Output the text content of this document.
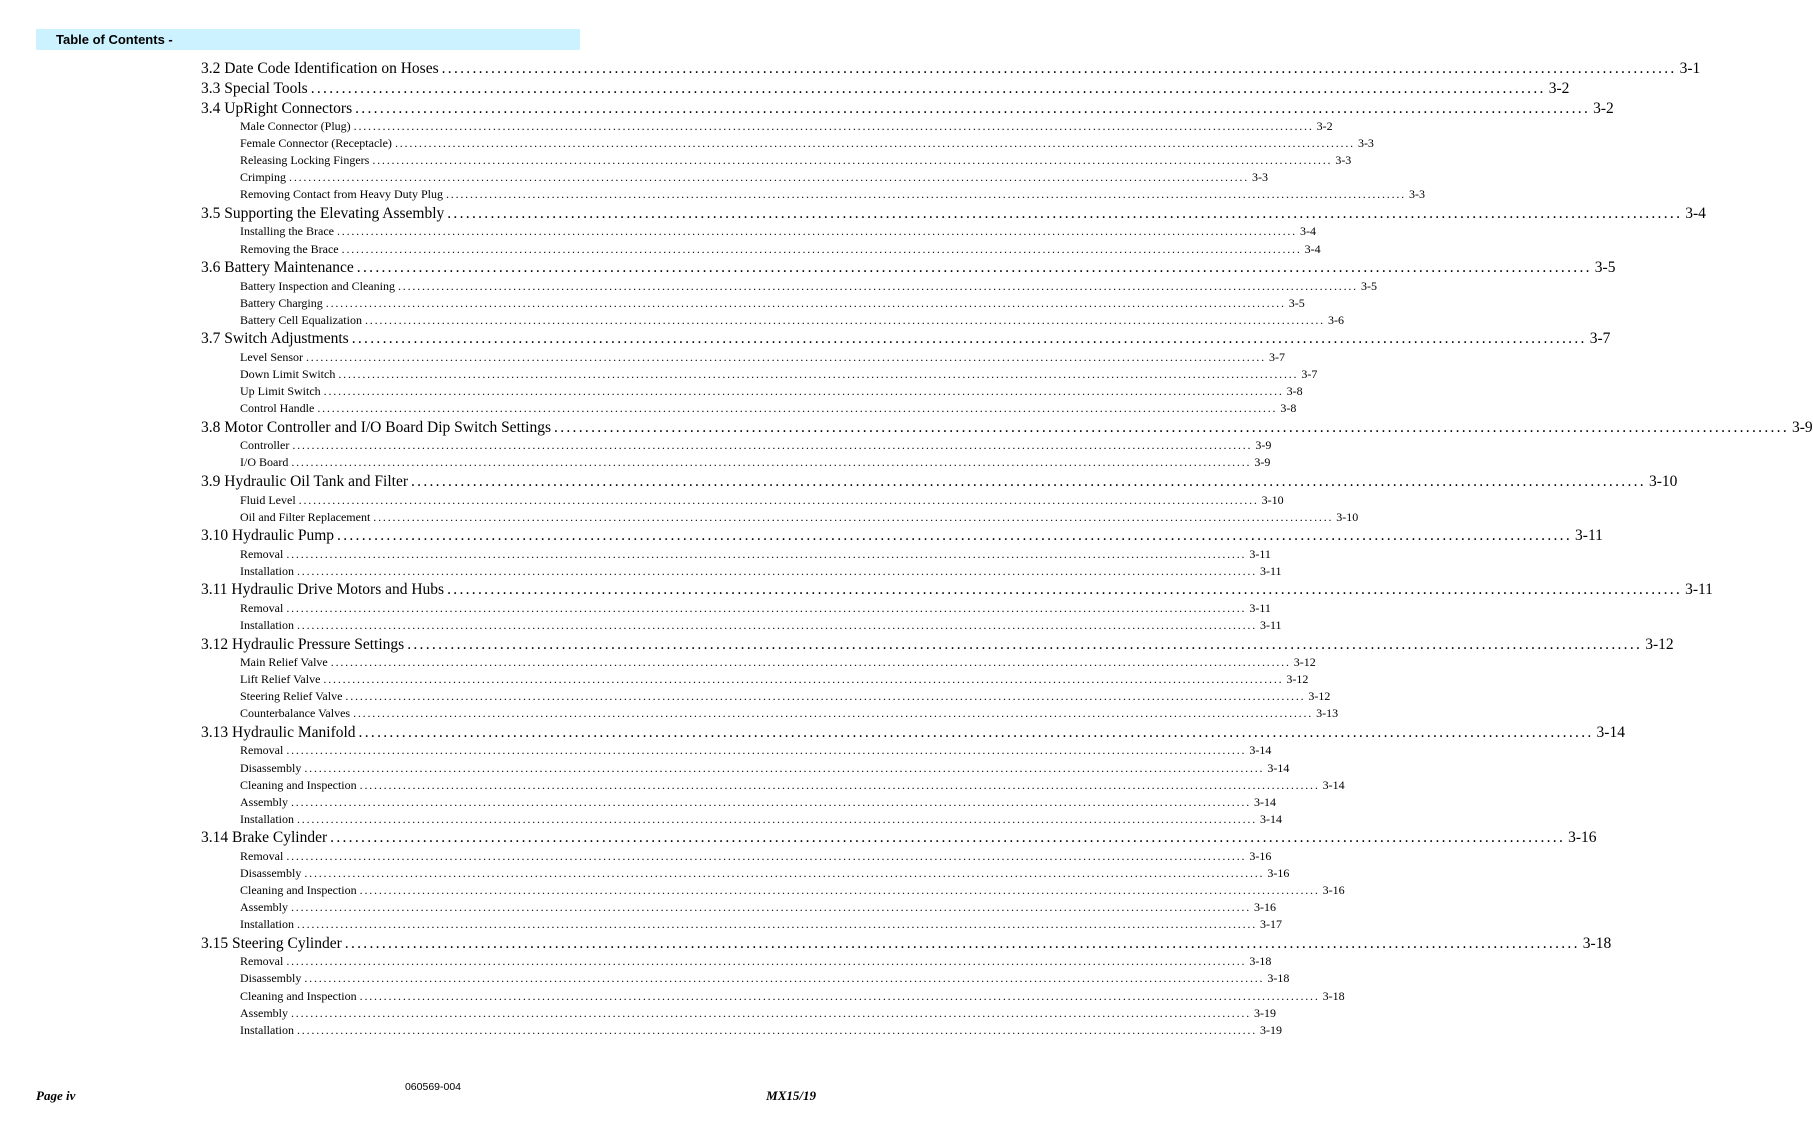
Table of Contents -
3.2 Date Code Identification on Hoses ........................................................................................................................................................................................................ 3-1
3.3 Special Tools ........................................................................................................................................................................................................ 3-2
3.4 UpRight Connectors ........................................................................................................................................................................................................ 3-2
Male Connector (Plug) ........................................................................................................................................................................................................ 3-2
Female Connector (Receptacle) ........................................................................................................................................................................................................ 3-3
Releasing Locking Fingers ........................................................................................................................................................................................................ 3-3
Crimping ........................................................................................................................................................................................................ 3-3
Removing Contact from Heavy Duty Plug ........................................................................................................................................................................................................ 3-3
3.5 Supporting the Elevating Assembly ........................................................................................................................................................................................................ 3-4
Installing the Brace ........................................................................................................................................................................................................ 3-4
Removing the Brace ........................................................................................................................................................................................................ 3-4
3.6 Battery Maintenance ........................................................................................................................................................................................................ 3-5
Battery Inspection and Cleaning ........................................................................................................................................................................................................ 3-5
Battery Charging ........................................................................................................................................................................................................ 3-5
Battery Cell Equalization ........................................................................................................................................................................................................ 3-6
3.7 Switch Adjustments ........................................................................................................................................................................................................ 3-7
Level Sensor ........................................................................................................................................................................................................ 3-7
Down Limit Switch ........................................................................................................................................................................................................ 3-7
Up Limit Switch ........................................................................................................................................................................................................ 3-8
Control Handle ........................................................................................................................................................................................................ 3-8
3.8 Motor Controller and I/O Board Dip Switch Settings ........................................................................................................................................................................................................ 3-9
Controller ........................................................................................................................................................................................................ 3-9
I/O Board ........................................................................................................................................................................................................ 3-9
3.9 Hydraulic Oil Tank and Filter ........................................................................................................................................................................................................ 3-10
Fluid Level ........................................................................................................................................................................................................ 3-10
Oil and Filter Replacement ........................................................................................................................................................................................................ 3-10
3.10 Hydraulic Pump ........................................................................................................................................................................................................ 3-11
Removal ........................................................................................................................................................................................................ 3-11
Installation ........................................................................................................................................................................................................ 3-11
3.11 Hydraulic Drive Motors and Hubs ........................................................................................................................................................................................................ 3-11
Removal ........................................................................................................................................................................................................ 3-11
Installation ........................................................................................................................................................................................................ 3-11
3.12 Hydraulic Pressure Settings ........................................................................................................................................................................................................ 3-12
Main Relief Valve ........................................................................................................................................................................................................ 3-12
Lift Relief Valve ........................................................................................................................................................................................................ 3-12
Steering Relief Valve ........................................................................................................................................................................................................ 3-12
Counterbalance Valves ........................................................................................................................................................................................................ 3-13
3.13 Hydraulic Manifold ........................................................................................................................................................................................................ 3-14
Removal ........................................................................................................................................................................................................ 3-14
Disassembly ........................................................................................................................................................................................................ 3-14
Cleaning and Inspection ........................................................................................................................................................................................................ 3-14
Assembly ........................................................................................................................................................................................................ 3-14
Installation ........................................................................................................................................................................................................ 3-14
3.14 Brake Cylinder ........................................................................................................................................................................................................ 3-16
Removal ........................................................................................................................................................................................................ 3-16
Disassembly ........................................................................................................................................................................................................ 3-16
Cleaning and Inspection ........................................................................................................................................................................................................ 3-16
Assembly ........................................................................................................................................................................................................ 3-16
Installation ........................................................................................................................................................................................................ 3-17
3.15 Steering Cylinder ........................................................................................................................................................................................................ 3-18
Removal ........................................................................................................................................................................................................ 3-18
Disassembly ........................................................................................................................................................................................................ 3-18
Cleaning and Inspection ........................................................................................................................................................................................................ 3-18
Assembly ........................................................................................................................................................................................................ 3-19
Installation ........................................................................................................................................................................................................ 3-19
Page iv
060569-004
MX15/19
